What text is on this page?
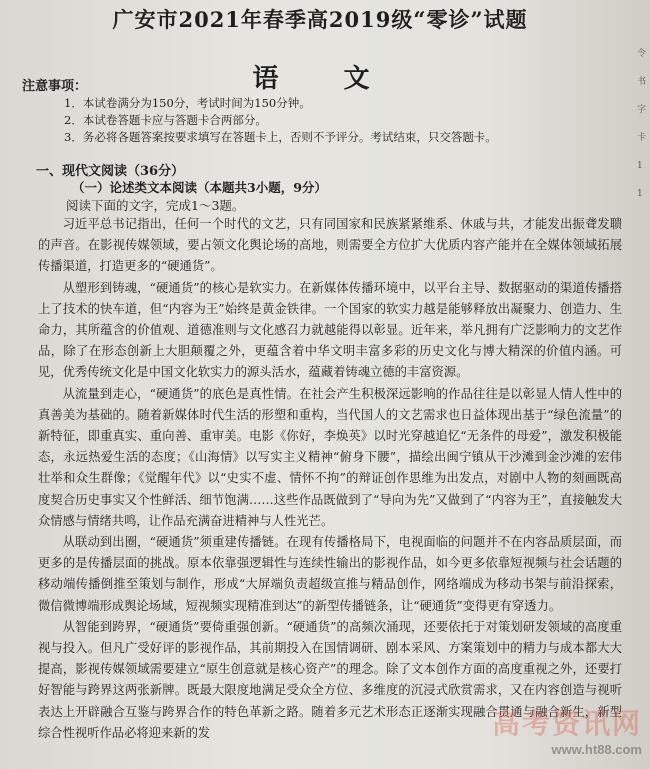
广安市2021年春季高2019级“零诊”试题
语 文
注意事项：
1．本试卷满分为150分，考试时间为150分钟。
2．本试卷答题卡应与答题卡合两部分。
3．务必将各题答案按要求填写在答题卡上，否则不予评分。考试结束，只交答题卡。
一、现代文阅读（36分）
（一）论述类文本阅读（本题共3小题，9分）
阅读下面的文字，完成1～3题。

习近平总书记指出，任何一个时代的文艺，只有同国家和民族紧紧维系、休戚与共，才能发出振聋发聩的声音。在影视传媒领域，要占领文化舆论场的高地，则需要全方位扩大优质内容产能并在全媒体领域拓展传播渠道，打造更多的“硬通货”。

从塑形到铸魂，“硬通货”的核心是软实力。在新媒体传播环境中，以平台主导、数据驱动的渠道传播搭上了技术的快车道，但“内容为王”始终是黄金铁律。一个国家的软实力越是能够释放出凝聚力、创造力、生命力，其所蕴含的价值观、道德准则与文化感召力就越能得以彰显。近年来，举凡拥有广泛影响力的文艺作品，除了在形态创新上大胆颠覆之外，更蕴含着中华文明丰富多彩的历史文化与博大精深的价值内涵。可见，优秀传统文化是中国文化软实力的源头活水，蕴藏着铸魂立德的丰富资源。

从流量到走心，“硬通货”的底色是真性情。在社会产生积极深远影响的作品往往是以彰显人情人性中的真善美为基础的。随着新媒体时代生活的形塑和重构，当代国人的文艺需求也日益体现出基于“绿色流量”的新特征，即重真实、重向善、重审美。电影《你好，李焕英》以时光穿越追忆“无条件的母爱”，激发积极能态，永远热爱生活的态度；《山海情》以写实主义精神“俯身下腰”，描绘出闽宁镇从干沙滩到金沙滩的宏伟壮举和众生群像；《觉醒年代》以“史实不虚、情怀不拘”的辩证创作思维为出发点，对剧中人物的刻画既高度契合历史事实又个性鲜活、细节饱满……这些作品既做到了“导向为先”又做到了“内容为王”，直接触发大众情感与情绪共鸣，让作品充满奋进精神与人性光芒。

从联动到出圈，“硬通货”须重建传播链。在现有传播格局下，电视面临的问题并不在内容品质层面，而更多的是传播层面的挑战。原本依靠强逻辑性与连续性输出的影视作品，如今更多依靠短视频与社会话题的移动端传播倒推至策划与制作，形成“大屏端负责超级宣推与精品创作，网络端成为移动书架与前沿探索，微信微博端形成舆论场域，短视频实现精准到达”的新型传播链条，让“硬通货”变得更有穿透力。

从智能到跨界，“硬通货”要倚重强创新。“硬通货”的高频次涌现，还要依托于对策划研发领域的高度重视与投入。但凡广受好评的影视作品，其前期投入在国情调研、剧本采风、方案策划中的精力与成本都大大提高，影视传媒领域需要建立“原生创意就是核心资产”的理念。除了文本创作方面的高度重视之外，还要打好智能与跨界这两张新牌。既最大限度地满足受众全方位、多维度的沉浸式欣赏需求，又在内容创造与视听表达上开辟融合互鉴与跨界合作的特色革新之路。随着多元艺术形态正逐渐实现融合贯通与融合新生，新型综合性视听作品必将迎来新的发

令
书
字
卡
1
1
高考资讯网
www.ht88.com
